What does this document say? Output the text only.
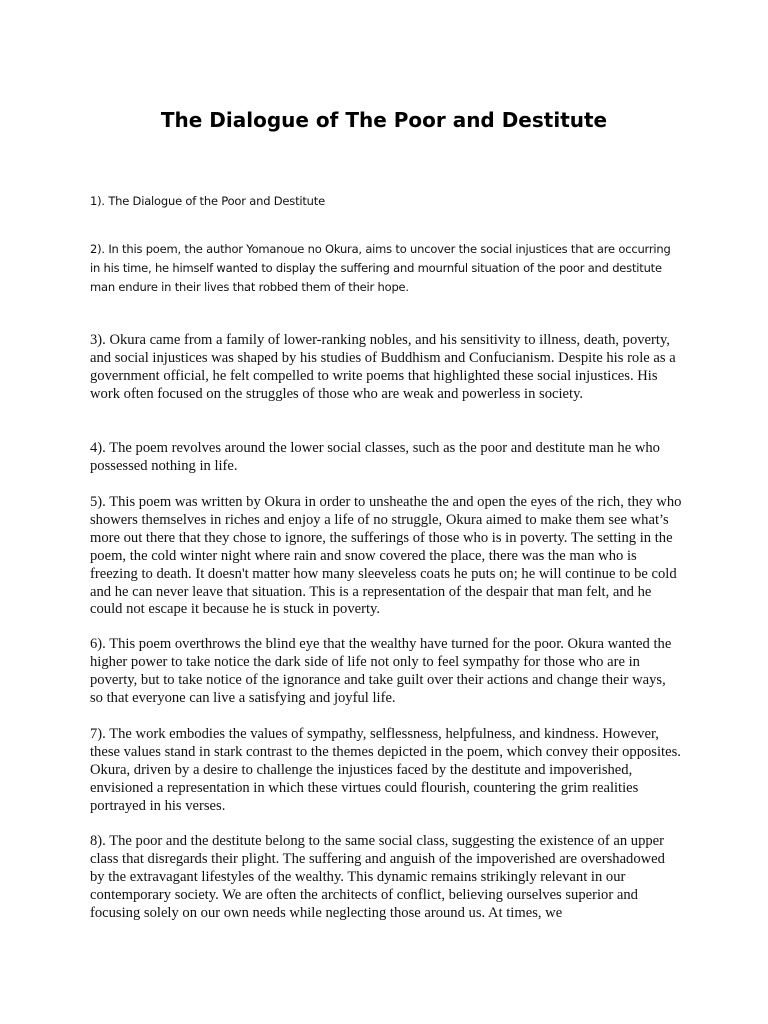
The Dialogue of The Poor and Destitute

1). The Dialogue of the Poor and Destitute

2). In this poem, the author Yomanoue no Okura, aims to uncover the social injustices that are occurring in his time, he himself wanted to display the suffering and mournful situation of the poor and destitute man endure in their lives that robbed them of their hope.

3). Okura came from a family of lower-ranking nobles, and his sensitivity to illness, death, poverty, and social injustices was shaped by his studies of Buddhism and Confucianism. Despite his role as a government official, he felt compelled to write poems that highlighted these social injustices. His work often focused on the struggles of those who are weak and powerless in society.

4). The poem revolves around the lower social classes, such as the poor and destitute man he who possessed nothing in life.

5). This poem was written by Okura in order to unsheathe the and open the eyes of the rich, they who showers themselves in riches and enjoy a life of no struggle, Okura aimed to make them see what’s more out there that they chose to ignore, the sufferings of those who is in poverty. The setting in the poem, the cold winter night where rain and snow covered the place, there was the man who is freezing to death. It doesn't matter how many sleeveless coats he puts on; he will continue to be cold and he can never leave that situation. This is a representation of the despair that man felt, and he could not escape it because he is stuck in poverty.

6). This poem overthrows the blind eye that the wealthy have turned for the poor. Okura wanted the higher power to take notice the dark side of life not only to feel sympathy for those who are in poverty, but to take notice of the ignorance and take guilt over their actions and change their ways, so that everyone can live a satisfying and joyful life.

7). The work embodies the values of sympathy, selflessness, helpfulness, and kindness. However, these values stand in stark contrast to the themes depicted in the poem, which convey their opposites. Okura, driven by a desire to challenge the injustices faced by the destitute and impoverished, envisioned a representation in which these virtues could flourish, countering the grim realities portrayed in his verses.

8). The poor and the destitute belong to the same social class, suggesting the existence of an upper class that disregards their plight. The suffering and anguish of the impoverished are overshadowed by the extravagant lifestyles of the wealthy. This dynamic remains strikingly relevant in our contemporary society. We are often the architects of conflict, believing ourselves superior and focusing solely on our own needs while neglecting those around us. At times, we
